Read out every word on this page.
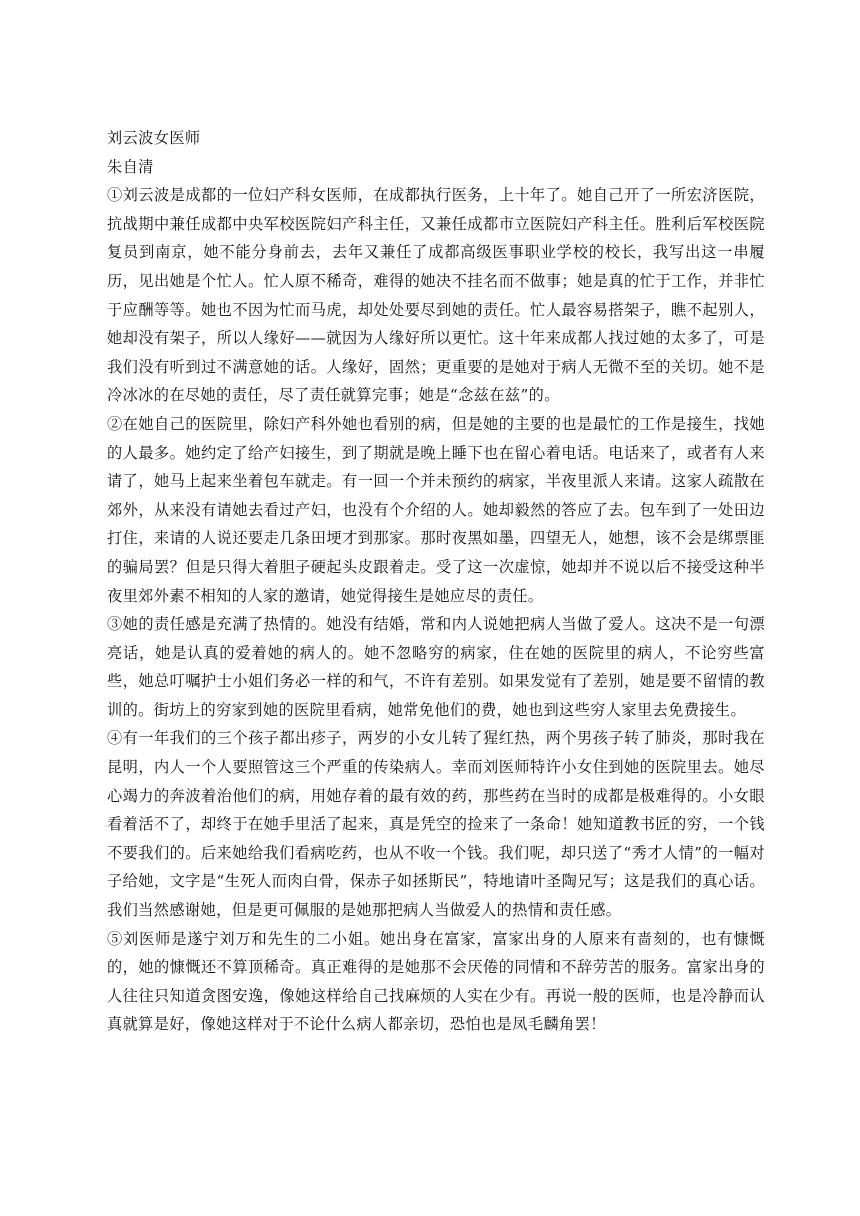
刘云波女医师

朱自清

①刘云波是成都的一位妇产科女医师，在成都执行医务，上十年了。她自己开了一所宏济医院，抗战期中兼任成都中央军校医院妇产科主任，又兼任成都市立医院妇产科主任。胜利后军校医院复员到南京，她不能分身前去，去年又兼任了成都高级医事职业学校的校长，我写出这一串履历，见出她是个忙人。忙人原不稀奇，难得的她决不挂名而不做事；她是真的忙于工作，并非忙于应酬等等。她也不因为忙而马虎，却处处要尽到她的责任。忙人最容易搭架子，瞧不起别人，她却没有架子，所以人缘好——就因为人缘好所以更忙。这十年来成都人找过她的太多了，可是我们没有听到过不满意她的话。人缘好，固然；更重要的是她对于病人无微不至的关切。她不是冷冰冰的在尽她的责任，尽了责任就算完事；她是“念兹在兹”的。

②在她自己的医院里，除妇产科外她也看别的病，但是她的主要的也是最忙的工作是接生，找她的人最多。她约定了给产妇接生，到了期就是晚上睡下也在留心着电话。电话来了，或者有人来请了，她马上起来坐着包车就走。有一回一个并未预约的病家，半夜里派人来请。这家人疏散在郊外，从来没有请她去看过产妇，也没有个介绍的人。她却毅然的答应了去。包车到了一处田边打住，来请的人说还要走几条田埂才到那家。那时夜黑如墨，四望无人，她想，该不会是绑票匪的骗局罢？但是只得大着胆子硬起头皮跟着走。受了这一次虚惊，她却并不说以后不接受这种半夜里郊外素不相知的人家的邀请，她觉得接生是她应尽的责任。

③她的责任感是充满了热情的。她没有结婚，常和内人说她把病人当做了爱人。这决不是一句漂亮话，她是认真的爱着她的病人的。她不忽略穷的病家，住在她的医院里的病人，不论穷些富些，她总叮嘱护士小姐们务必一样的和气，不许有差别。如果发觉有了差别，她是要不留情的教训的。街坊上的穷家到她的医院里看病，她常免他们的费，她也到这些穷人家里去免费接生。

④有一年我们的三个孩子都出疹子，两岁的小女儿转了猩红热，两个男孩子转了肺炎，那时我在昆明，内人一个人要照管这三个严重的传染病人。幸而刘医师特许小女住到她的医院里去。她尽心竭力的奔波着治他们的病，用她存着的最有效的药，那些药在当时的成都是极难得的。小女眼看着活不了，却终于在她手里活了起来，真是凭空的捡来了一条命！她知道教书匠的穷，一个钱不要我们的。后来她给我们看病吃药，也从不收一个钱。我们呢，却只送了“秀才人情”的一幅对子给她，文字是“生死人而肉白骨，保赤子如拯斯民”，特地请叶圣陶兄写；这是我们的真心话。我们当然感谢她，但是更可佩服的是她那把病人当做爱人的热情和责任感。

⑤刘医师是遂宁刘万和先生的二小姐。她出身在富家，富家出身的人原来有啬刻的，也有慷慨的，她的慷慨还不算顶稀奇。真正难得的是她那不会厌倦的同情和不辞劳苦的服务。富家出身的人往往只知道贪图安逸，像她这样给自己找麻烦的人实在少有。再说一般的医师，也是冷静而认真就算是好，像她这样对于不论什么病人都亲切，恐怕也是凤毛麟角罢！
